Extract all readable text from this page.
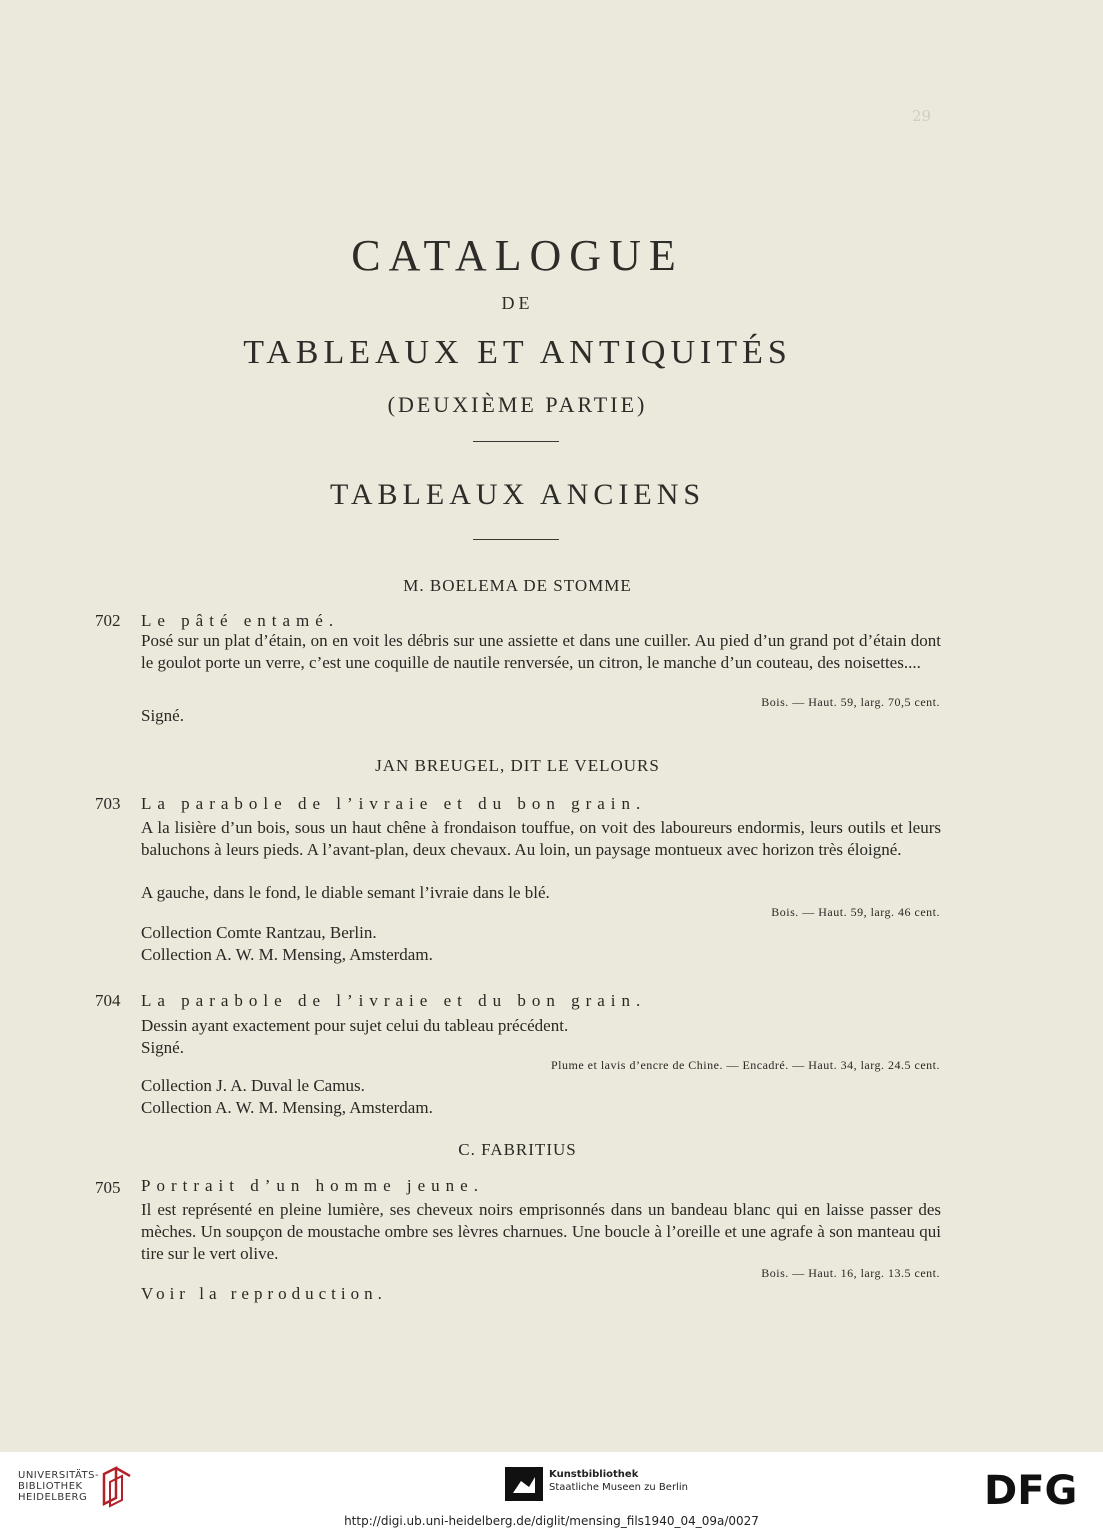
29
CATALOGUE
DE
TABLEAUX ET ANTIQUITÉS
(DEUXIÈME PARTIE)
TABLEAUX ANCIENS
M. BOELEMA DE STOMME
702 Le pâté entamé.
Posé sur un plat d’étain, on en voit les débris sur une assiette et dans une cuiller. Au pied d’un grand pot d’étain dont le goulot porte un verre, c’est une coquille de nautile renversée, un citron, le manche d’un couteau, des noisettes....
Bois. — Haut. 59, larg. 70,5 cent.
Signé.
JAN BREUGEL, DIT LE VELOURS
703 La parabole de l’ivraie et du bon grain.
A la lisière d’un bois, sous un haut chêne à frondaison touffue, on voit des laboureurs endormis, leurs outils et leurs baluchons à leurs pieds. A l’avant-plan, deux chevaux. Au loin, un paysage montueux avec horizon très éloigné.
A gauche, dans le fond, le diable semant l’ivraie dans le blé.
Bois. — Haut. 59, larg. 46 cent.
Collection Comte Rantzau, Berlin.
Collection A. W. M. Mensing, Amsterdam.
704 La parabole de l’ivraie et du bon grain.
Dessin ayant exactement pour sujet celui du tableau précédent.
Signé.
Plume et lavis d’encre de Chine. — Encadré. — Haut. 34, larg. 24.5 cent.
Collection J. A. Duval le Camus.
Collection A. W. M. Mensing, Amsterdam.
C. FABRITIUS
705 Portrait d’un homme jeune.
Il est représenté en pleine lumière, ses cheveux noirs emprisonnés dans un bandeau blanc qui en laisse passer des mèches. Un soupçon de moustache ombre ses lèvres charnues. Une boucle à l’oreille et une agrafe à son manteau qui tire sur le vert olive.
Bois. — Haut. 16, larg. 13.5 cent.
Voir la reproduction.
UNIVERSITÄTS-
BIBLIOTHEK
HEIDELBERG
Kunstbibliothek
Staatliche Museen zu Berlin	DFG
http://digi.ub.uni-heidelberg.de/diglit/mensing_fils1940_04_09a/0027
